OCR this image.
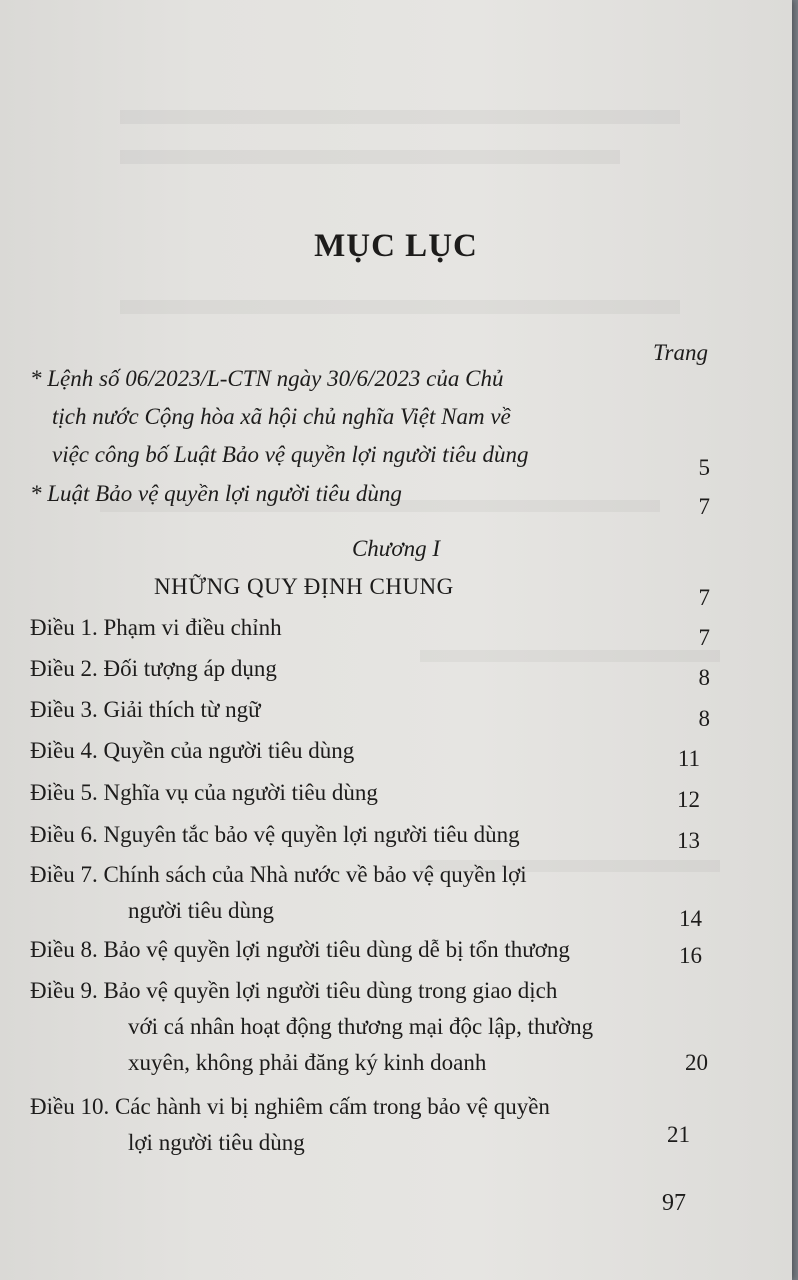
MỤC LỤC
Trang
* Lệnh số 06/2023/L-CTN ngày 30/6/2023 của Chủ
tịch nước Cộng hòa xã hội chủ nghĩa Việt Nam về
việc công bố Luật Bảo vệ quyền lợi người tiêu dùng
5
* Luật Bảo vệ quyền lợi người tiêu dùng
7
Chương I
NHỮNG QUY ĐỊNH CHUNG	7
Điều 1. Phạm vi điều chỉnh	7
Điều 2. Đối tượng áp dụng	8
Điều 3. Giải thích từ ngữ	8
Điều 4. Quyền của người tiêu dùng	11
Điều 5. Nghĩa vụ của người tiêu dùng	12
Điều 6. Nguyên tắc bảo vệ quyền lợi người tiêu dùng	13
Điều 7. Chính sách của Nhà nước về bảo vệ quyền lợi
người tiêu dùng	14
Điều 8. Bảo vệ quyền lợi người tiêu dùng dễ bị tổn thương	16
Điều 9. Bảo vệ quyền lợi người tiêu dùng trong giao dịch
với cá nhân hoạt động thương mại độc lập, thường
xuyên, không phải đăng ký kinh doanh	20
Điều 10. Các hành vi bị nghiêm cấm trong bảo vệ quyền
lợi người tiêu dùng	21
97
